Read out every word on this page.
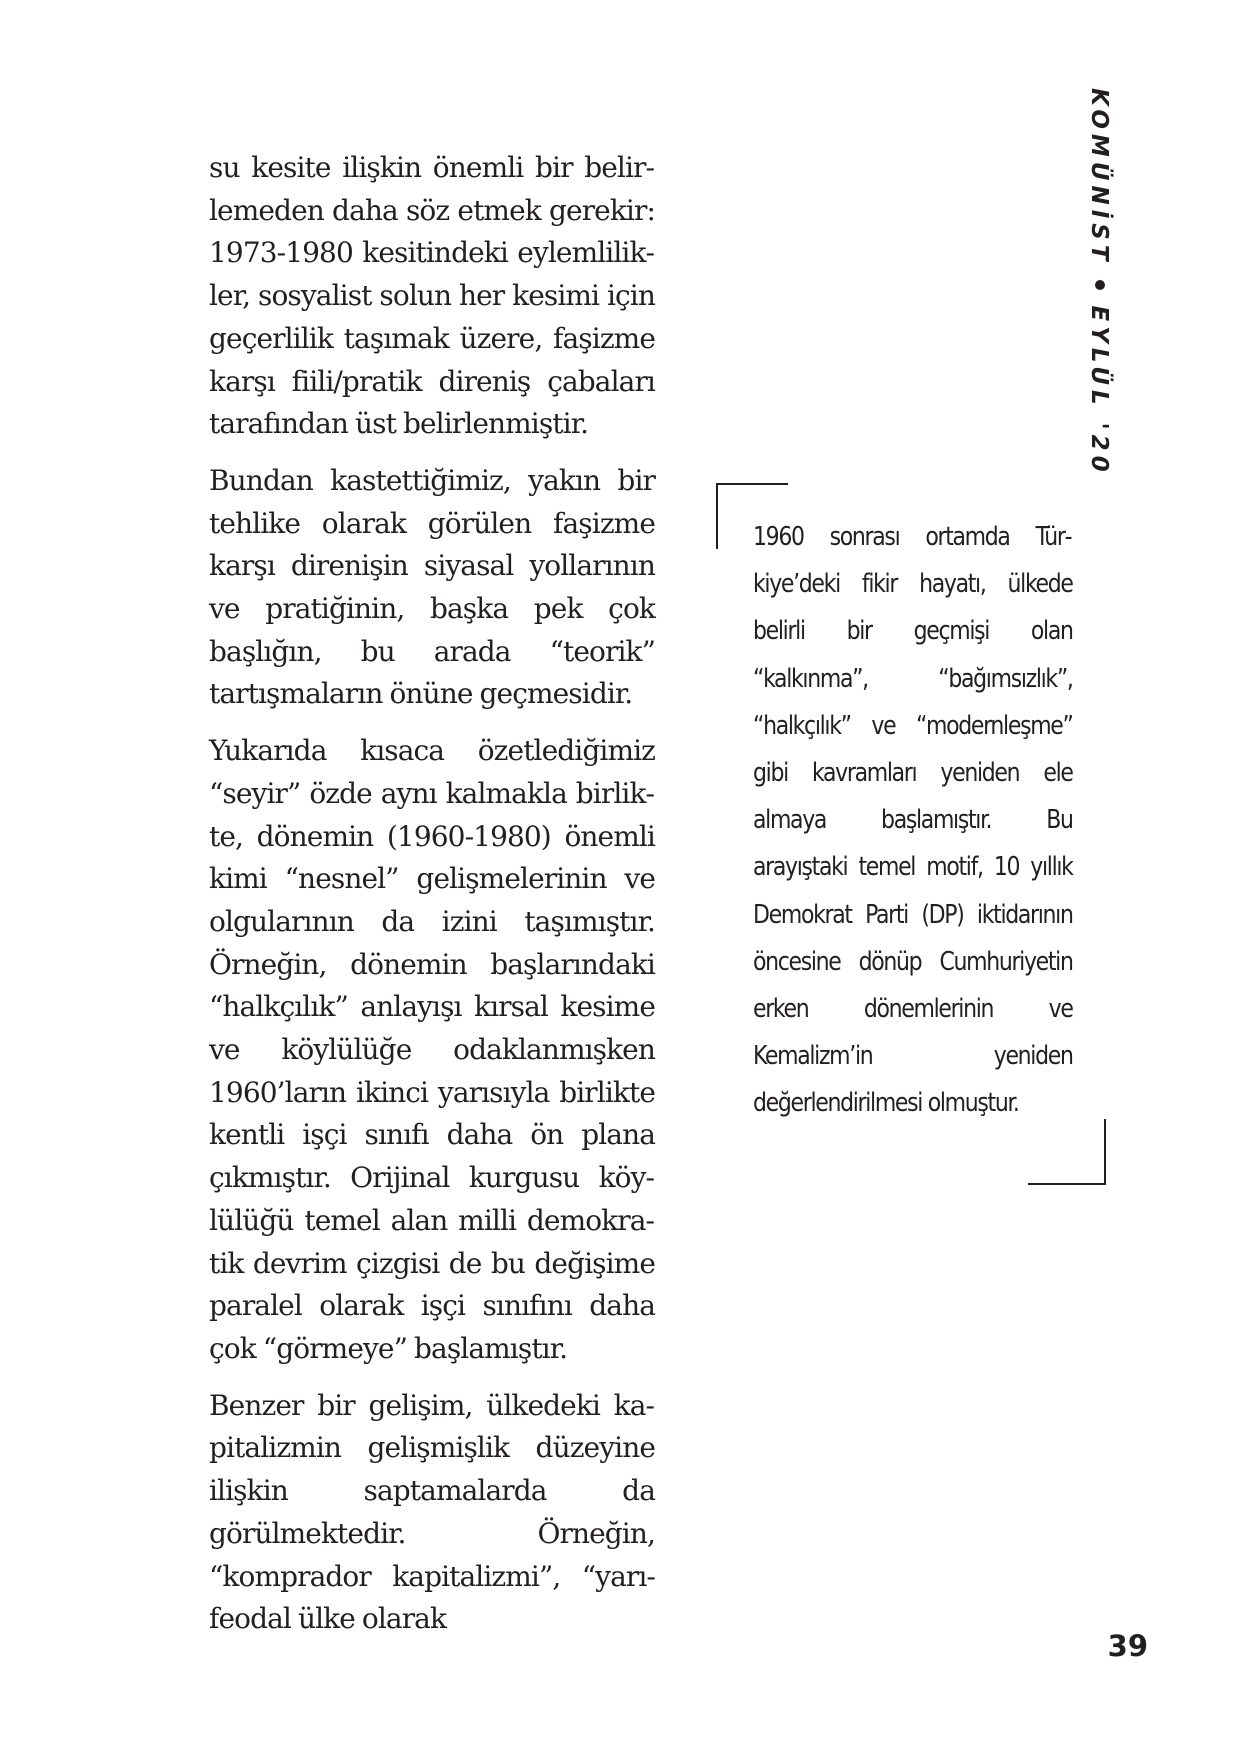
KOMÜNİSTEYLÜL '20

su kesite ilişkin önemli bir belirlemeden daha söz etmek gerekir: 1973-1980 kesitindeki eylemlilikler, sosyalist solun her kesimi için geçerlilik taşımak üzere, faşizme karşı fiili/pratik direniş çabaları tarafından üst belirlenmiştir.

Bundan kastettiğimiz, yakın bir tehlike olarak görülen faşizme karşı direnişin siyasal yollarının ve pratiğinin, başka pek çok başlığın, bu arada “teorik” tartışmaların önüne geçmesidir.

Yukarıda kısaca özetlediğimiz “seyir” özde aynı kalmakla birlikte, dönemin (1960-1980) önemli kimi “nesnel” gelişmelerinin ve olgularının da izini taşımıştır. Örneğin, dönemin başlarındaki “halkçılık” anlayışı kırsal kesime ve köylülüğe odaklanmışken 1960’ların ikinci yarısıyla birlikte kentli işçi sınıfı daha ön plana çıkmıştır. Orijinal kurgusu köylülüğü temel alan milli demokratik devrim çizgisi de bu değişime paralel olarak işçi sınıfını daha çok “görmeye” başlamıştır.

Benzer bir gelişim, ülkedeki kapitalizmin gelişmişlik düzeyine ilişkin saptamalarda da görülmektedir. Örneğin, “komprador kapitalizmi”, “yarı-feodal ülke olarak

1960 sonrası ortamda Türkiye’deki fikir hayatı, ülkede belirli bir geçmişi olan “kalkınma”, “bağımsızlık”, “halkçılık” ve “modernleşme” gibi kavramları yeniden ele almaya başlamıştır. Bu arayıştaki temel motif, 10 yıllık Demokrat Parti (DP) iktidarının öncesine dönüp Cumhuriyetin erken dönemlerinin ve Kemalizm’in yeniden değerlendirilmesi olmuştur.

39
